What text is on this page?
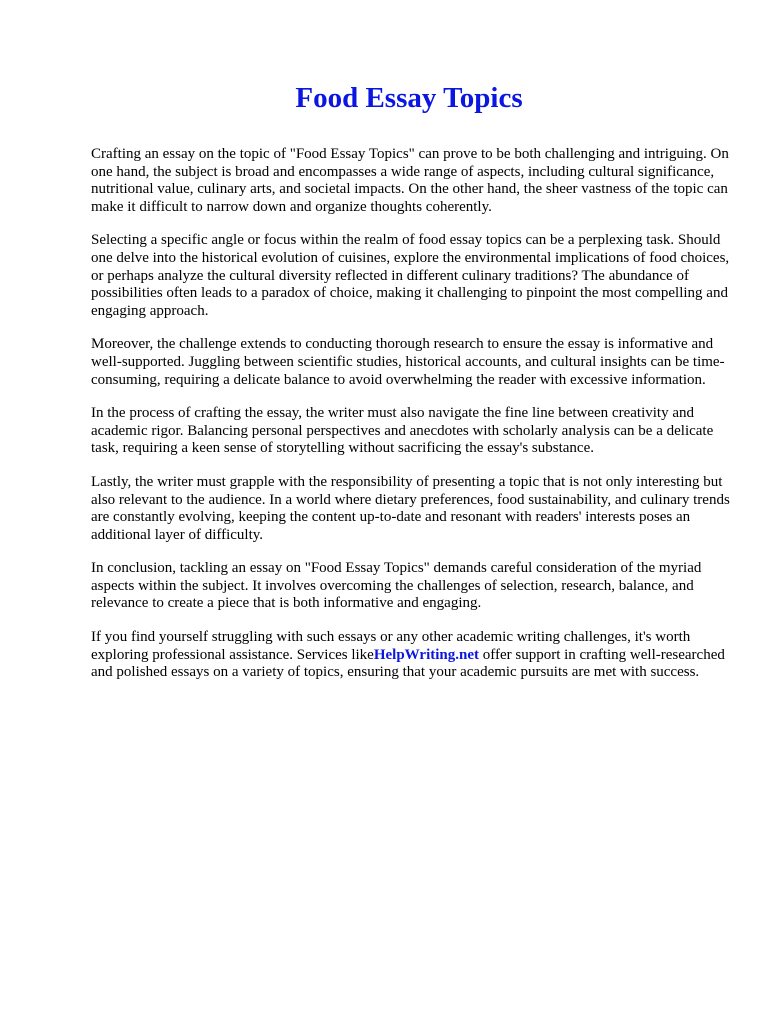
Food Essay Topics

Crafting an essay on the topic of "Food Essay Topics" can prove to be both challenging and intriguing. On one hand, the subject is broad and encompasses a wide range of aspects, including cultural significance, nutritional value, culinary arts, and societal impacts. On the other hand, the sheer vastness of the topic can make it difficult to narrow down and organize thoughts coherently.

Selecting a specific angle or focus within the realm of food essay topics can be a perplexing task. Should one delve into the historical evolution of cuisines, explore the environmental implications of food choices, or perhaps analyze the cultural diversity reflected in different culinary traditions? The abundance of possibilities often leads to a paradox of choice, making it challenging to pinpoint the most compelling and engaging approach.

Moreover, the challenge extends to conducting thorough research to ensure the essay is informative and well-supported. Juggling between scientific studies, historical accounts, and cultural insights can be time-consuming, requiring a delicate balance to avoid overwhelming the reader with excessive information.

In the process of crafting the essay, the writer must also navigate the fine line between creativity and academic rigor. Balancing personal perspectives and anecdotes with scholarly analysis can be a delicate task, requiring a keen sense of storytelling without sacrificing the essay's substance.

Lastly, the writer must grapple with the responsibility of presenting a topic that is not only interesting but also relevant to the audience. In a world where dietary preferences, food sustainability, and culinary trends are constantly evolving, keeping the content up-to-date and resonant with readers' interests poses an additional layer of difficulty.

In conclusion, tackling an essay on "Food Essay Topics" demands careful consideration of the myriad aspects within the subject. It involves overcoming the challenges of selection, research, balance, and relevance to create a piece that is both informative and engaging.

If you find yourself struggling with such essays or any other academic writing challenges, it's worth exploring professional assistance. Services likeHelpWriting.net offer support in crafting well-researched and polished essays on a variety of topics, ensuring that your academic pursuits are met with success.
